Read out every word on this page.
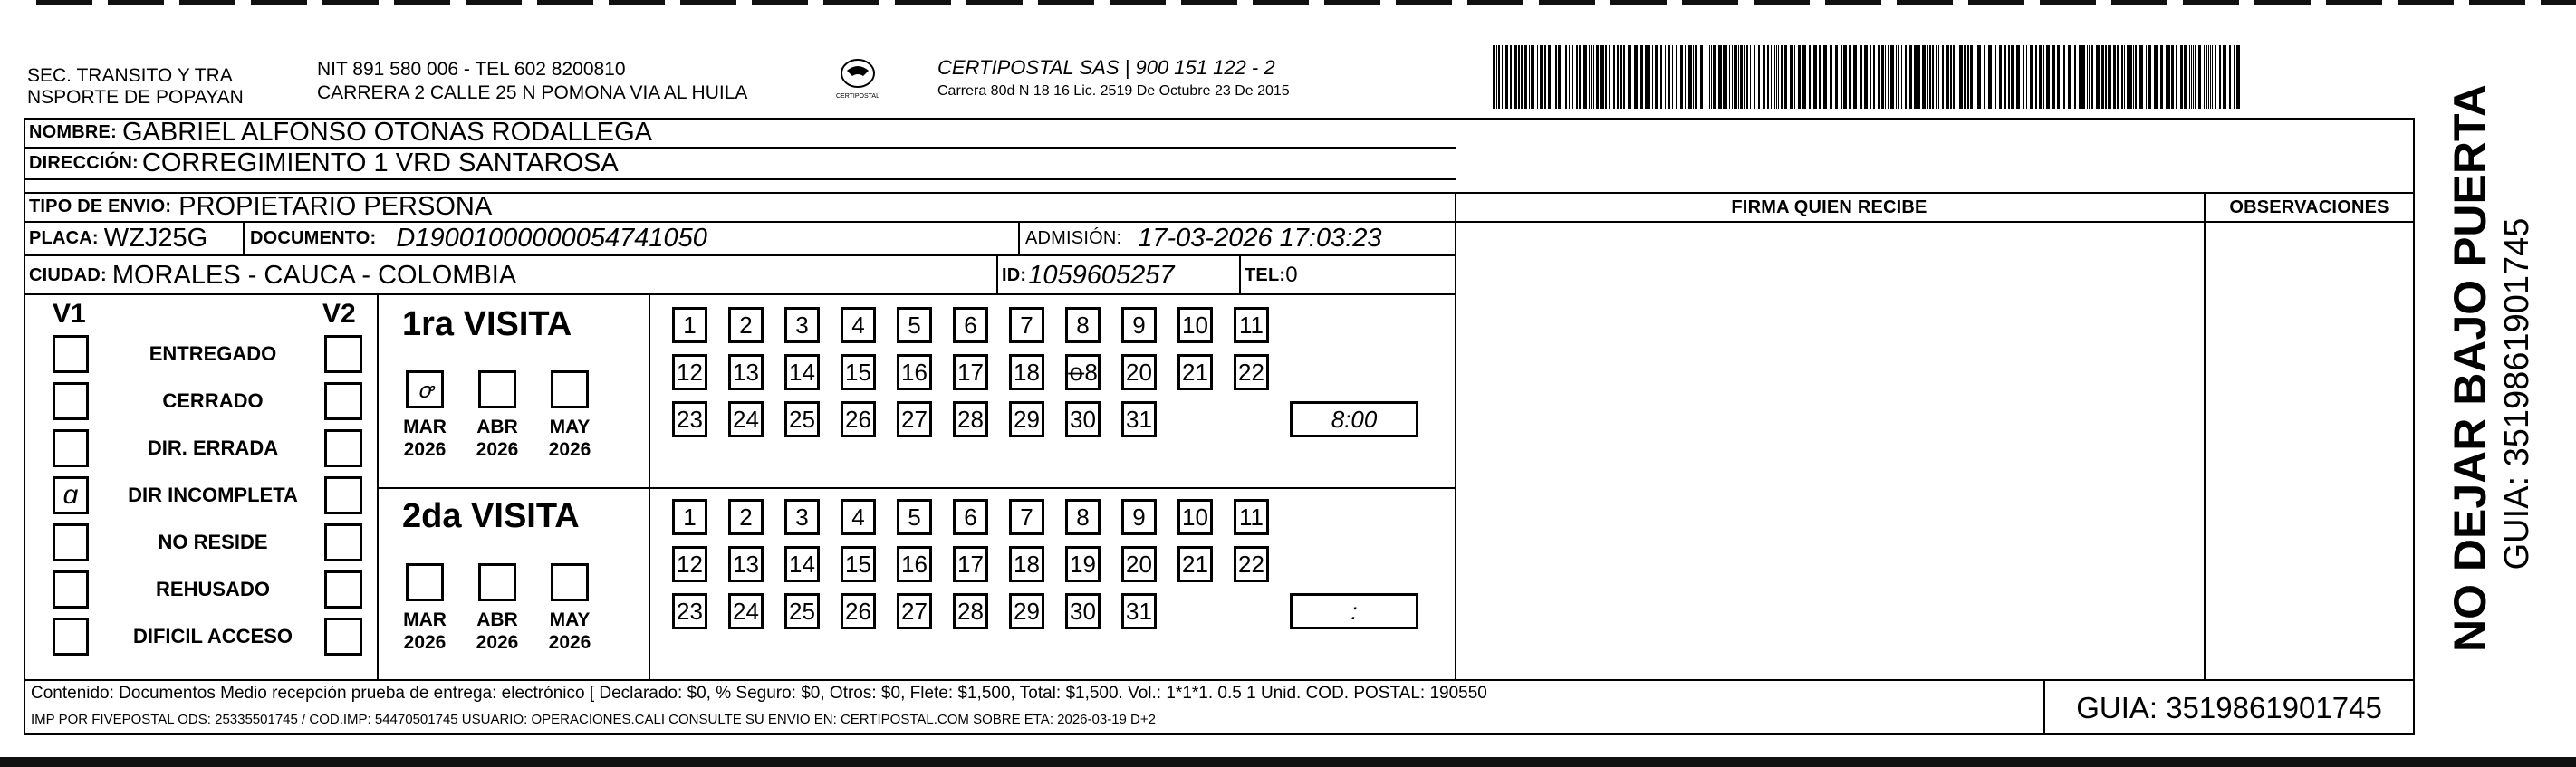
SEC. TRANSITO Y TRA
NSPORTE DE POPAYAN
NIT 891 580 006 - TEL 602 8200810
CARRERA 2 CALLE 25 N POMONA VIA AL HUILA	CERTIPOSTAL
CERTIPOSTAL SAS | 900 151 122 - 2
Carrera 80d N 18 16 Lic. 2519 De Octubre 23 De 2015
NOMBRE: GABRIEL ALFONSO OTONAS RODALLEGA
DIRECCIÓN: CORREGIMIENTO 1 VRD SANTAROSA
TIPO DE ENVIO: PROPIETARIO PERSONA	FIRMA QUIEN RECIBE	OBSERVACIONES
PLACA: WZJ25G DOCUMENTO: D19001000000054741050	ADMISIÓN: 17-03-2026 17:03:23
CIUDAD: MORALES - CAUCA - COLOMBIA	ID: 1059605257	TEL: 0
V1	V2
ENTREGADO
CERRADO
DIR. ERRADA
ɑ	DIR INCOMPLETA
NO RESIDE
REHUSADO
DIFICIL ACCESO
1ra VISITA
ꝍ
MAR
2026
ABR
2026
MAY
2026
1	2	3	4	5	6	7	8	9	10 11
12 13 14 15 16 17 18 ꝋ8 20 21 22
23 24 25 26 27 28 29 30 31	8:00
2da VISITA
MAR
2026
ABR
2026
MAY
2026
1	2	3	4	5	6	7	8	9	10 11
12 13 14 15 16 17 18 19 20 21 22
23 24 25 26 27 28 29 30 31	:
Contenido: Documentos Medio recepción prueba de entrega: electrónico [ Declarado: $0, % Seguro: $0, Otros: $0, Flete: $1,500, Total: $1,500. Vol.: 1*1*1. 0.5 1 Unid. COD. POSTAL: 190550
IMP POR FIVEPOSTAL ODS: 25335501745 / COD.IMP: 54470501745 USUARIO: OPERACIONES.CALI CONSULTE SU ENVIO EN: CERTIPOSTAL.COM SOBRE ETA: 2026-03-19 D+2	GUIA: 3519861901745
NO DEJAR BAJO PUERTA GUIA: 3519861901745
